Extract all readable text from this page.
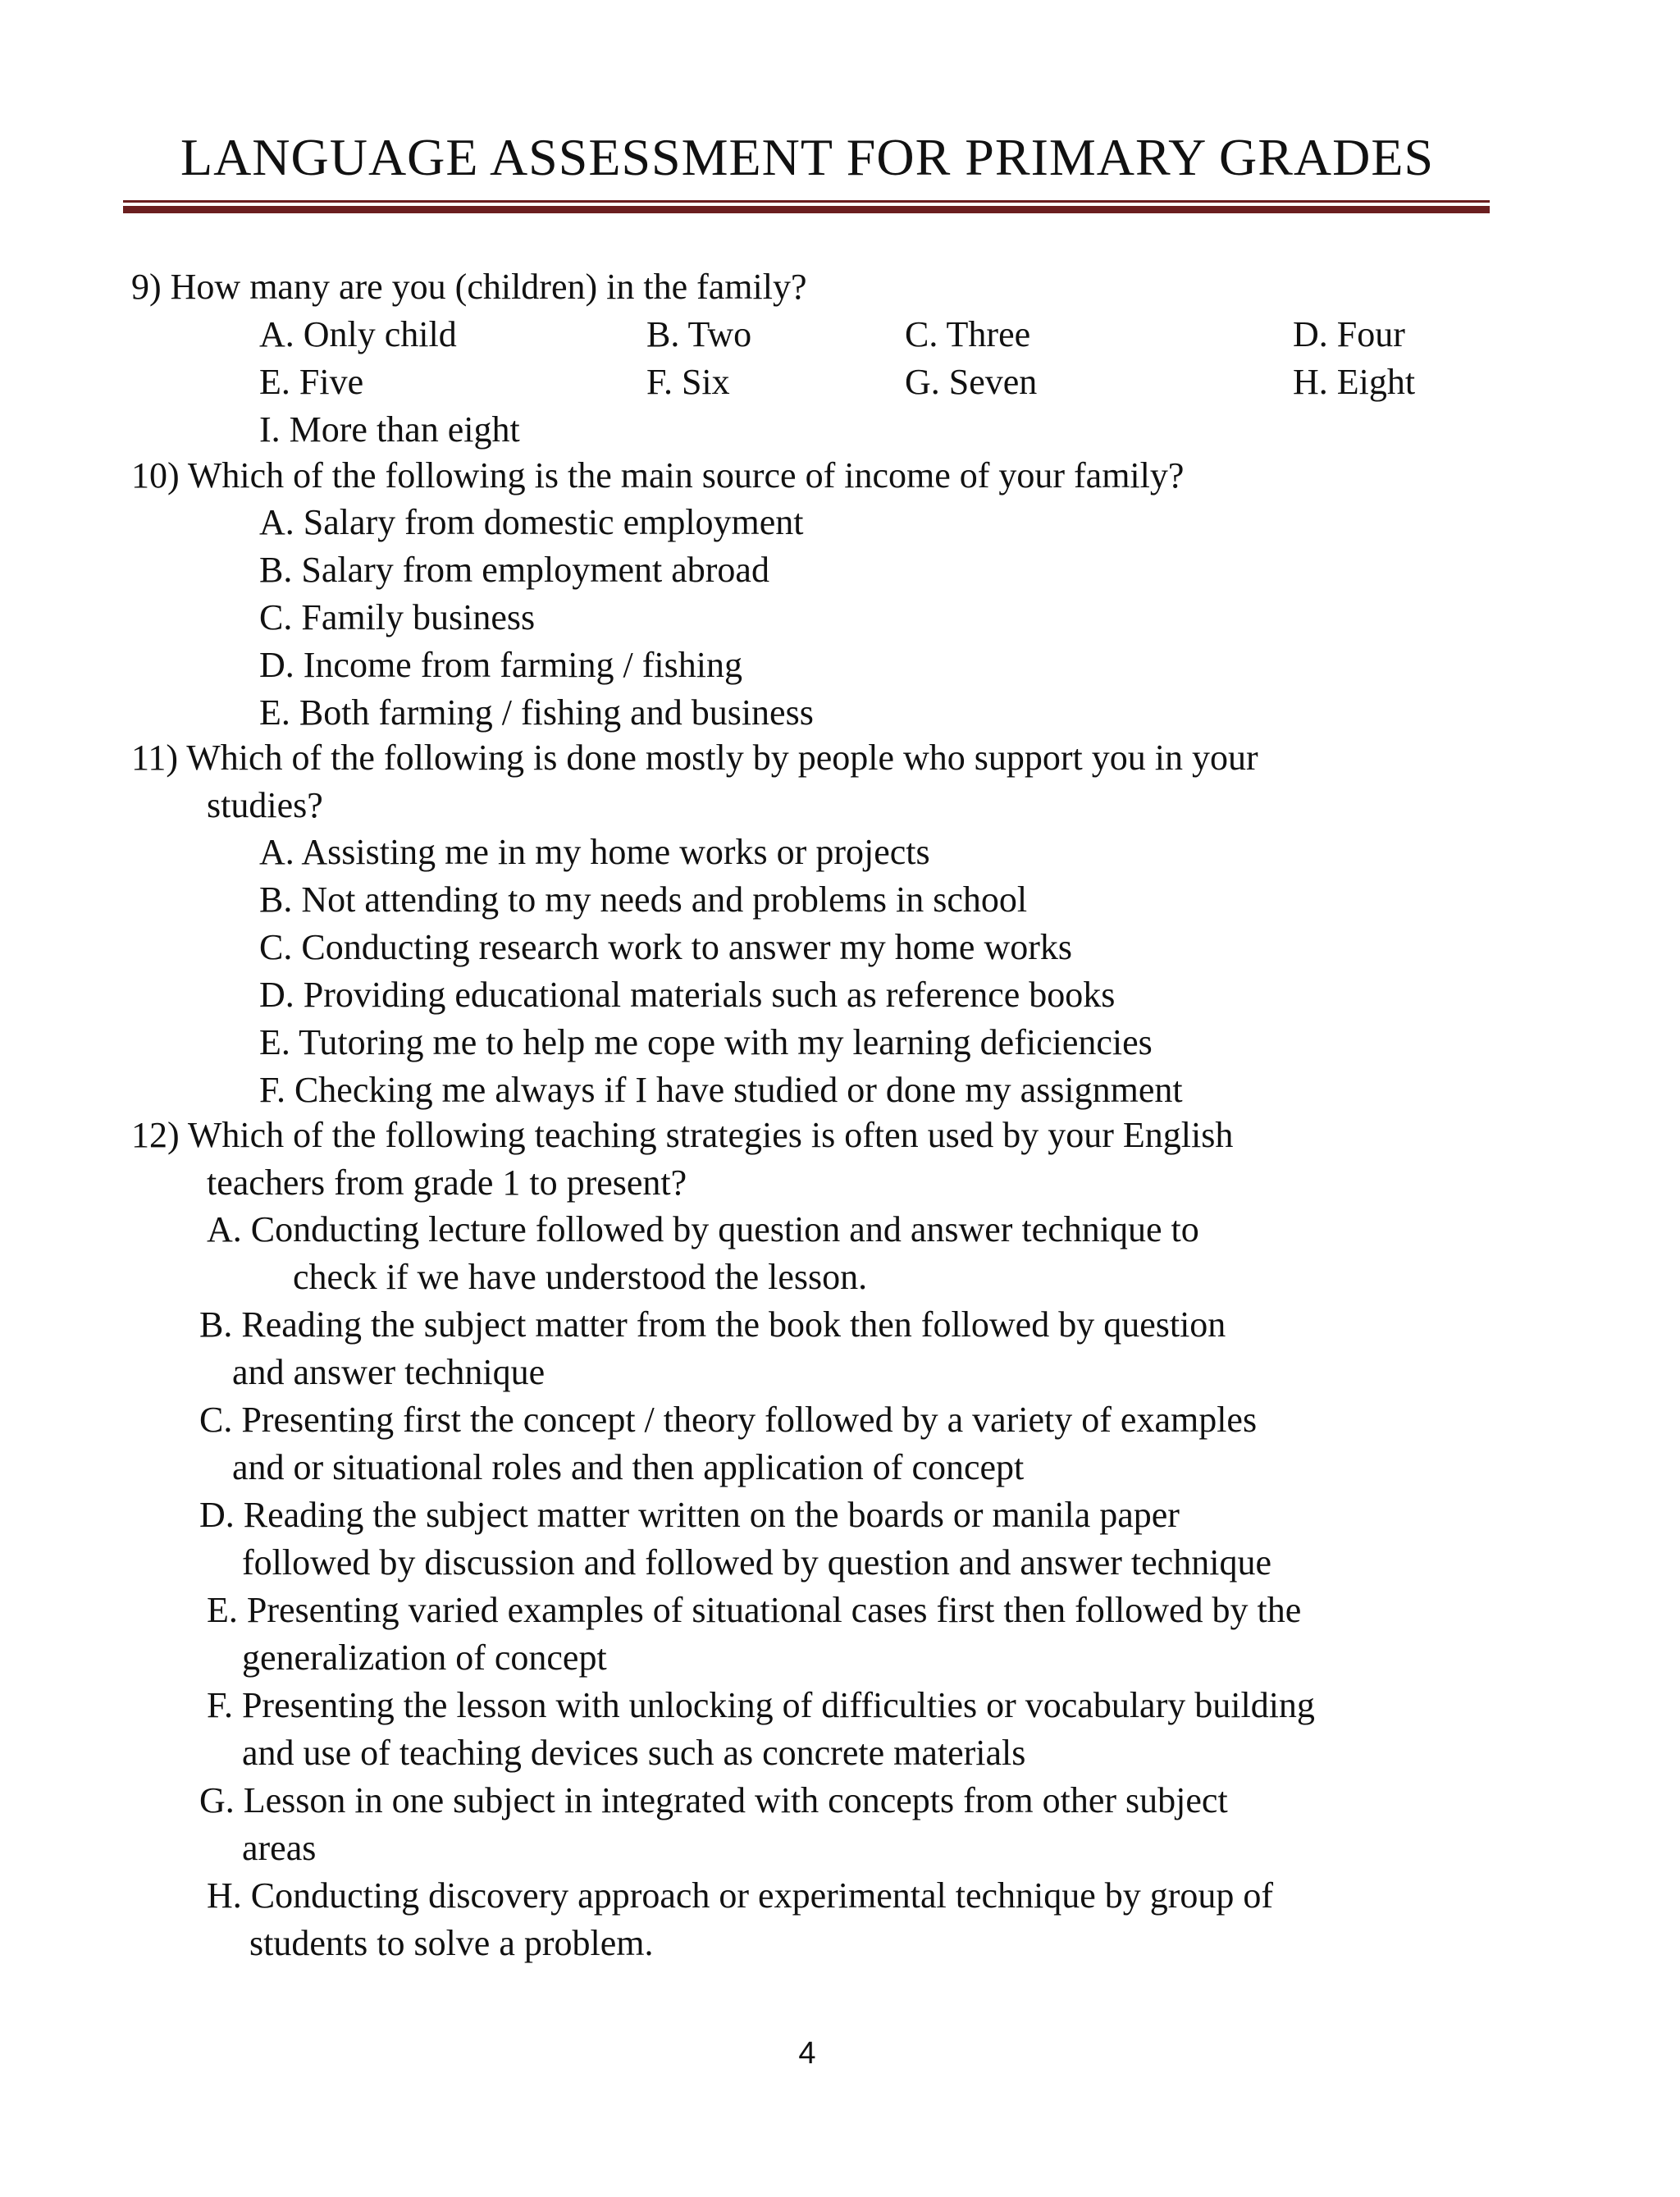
LANGUAGE ASSESSMENT FOR PRIMARY GRADES
9) How many are you (children) in the family?
A. Only child	B. Two	C. Three	D. Four
E. Five	F. Six	G. Seven	H. Eight
I. More than eight
10) Which of the following is the main source of income of your family?
A. Salary from domestic employment
B. Salary from employment abroad
C. Family business
D. Income from farming / fishing
E. Both farming / fishing and business
11) Which of the following is done mostly by people who support you in your
studies?
A. Assisting me in my home works or projects
B. Not attending to my needs and problems in school
C. Conducting research work to answer my home works
D. Providing educational materials such as reference books
E. Tutoring me to help me cope with my learning deficiencies
F. Checking me always if I have studied or done my assignment
12) Which of the following teaching strategies is often used by your English
teachers from grade 1 to present?
A. Conducting lecture followed by question and answer technique to
check if we have understood the lesson.
B. Reading the subject matter from the book then followed by question
and answer technique
C. Presenting first the concept / theory followed by a variety of examples
and or situational roles and then application of concept
D. Reading the subject matter written on the boards or manila paper
followed by discussion and followed by question and answer technique
E. Presenting varied examples of situational cases first then followed by the
generalization of concept
F. Presenting the lesson with unlocking of difficulties or vocabulary building
and use of teaching devices such as concrete materials
G. Lesson in one subject in integrated with concepts from other subject
areas
H. Conducting discovery approach or experimental technique by group of
students to solve a problem.
4
